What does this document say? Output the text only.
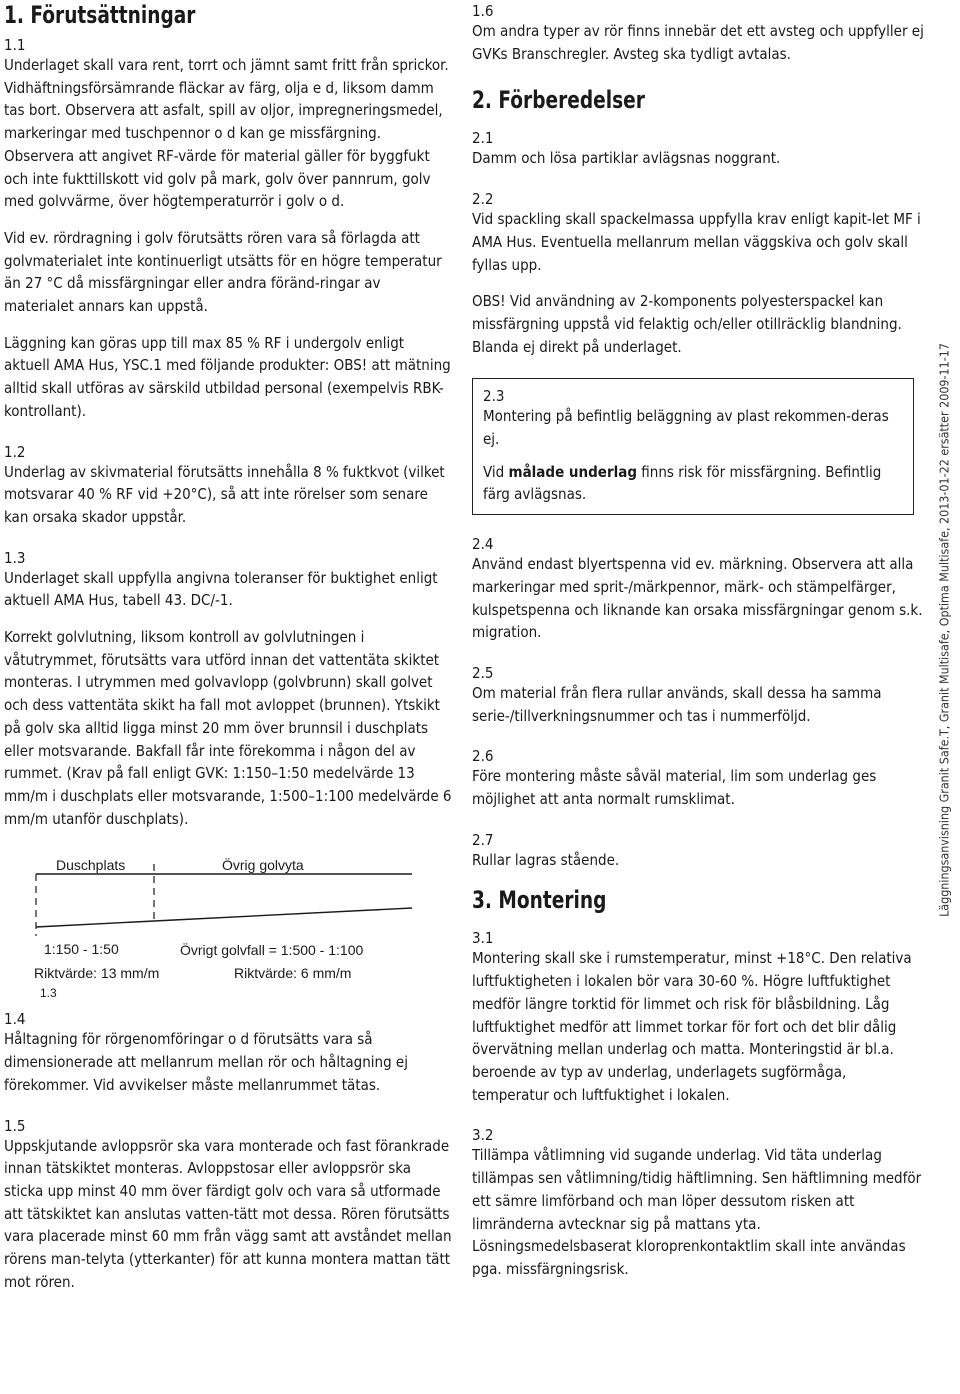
1. Förutsättningar
1.1

Underlaget skall vara rent, torrt och jämnt samt fritt från sprickor. Vidhäftningsförsämrande fläckar av färg, olja e d, liksom damm tas bort. Observera att asfalt, spill av oljor, impregneringsmedel, markeringar med tuschpennor o d kan ge missfärgning. Observera att angivet RF-värde för material gäller för byggfukt och inte fukttillskott vid golv på mark, golv över pannrum, golv med golvvärme, över högtemperaturrör i golv o d.

Vid ev. rördragning i golv förutsätts rören vara så förlagda att golvmaterialet inte kontinuerligt utsätts för en högre temperatur än 27 °C då missfärgningar eller andra föränd-ringar av materialet annars kan uppstå.

Läggning kan göras upp till max 85 % RF i undergolv enligt aktuell AMA Hus, YSC.1 med följande produkter: OBS! att mätning alltid skall utföras av särskild utbildad personal (exempelvis RBK-kontrollant).

1.2

Underlag av skivmaterial förutsätts innehålla 8 % fuktkvot (vilket motsvarar 40 % RF vid +20°C), så att inte rörelser som senare kan orsaka skador uppstår.

1.3

Underlaget skall uppfylla angivna toleranser för buktighet enligt aktuell AMA Hus, tabell 43. DC/-1.

Korrekt golvlutning, liksom kontroll av golvlutningen i våtutrymmet, förutsätts vara utförd innan det vattentäta skiktet monteras. I utrymmen med golvavlopp (golvbrunn) skall golvet och dess vattentäta skikt ha fall mot avloppet (brunnen). Ytskikt på golv ska alltid ligga minst 20 mm över brunnsil i duschplats eller motsvarande. Bakfall får inte förekomma i någon del av rummet. (Krav på fall enligt GVK: 1:150–1:50 medelvärde 13 mm/m i duschplats eller motsvarande, 1:500–1:100 medelvärde 6 mm/m utanför duschplats).

Duschplats	Övrig golvyta
1:150 - 1:50	Övrigt golvfall = 1:500 - 1:100
Riktvärde: 13 mm/m	Riktvärde: 6 mm/m
1.3
1.4

Håltagning för rörgenomföringar o d förutsätts vara så dimensionerade att mellanrum mellan rör och håltagning ej förekommer. Vid avvikelser måste mellanrummet tätas.

1.5

Uppskjutande avloppsrör ska vara monterade och fast förankrade innan tätskiktet monteras. Avloppstosar eller avloppsrör ska sticka upp minst 40 mm över färdigt golv och vara så utformade att tätskiktet kan anslutas vatten-tätt mot dessa. Rören förutsätts vara placerade minst 60 mm från vägg samt att avståndet mellan rörens man-telyta (ytterkanter) för att kunna montera mattan tätt mot rören.

1.6

Om andra typer av rör finns innebär det ett avsteg och uppfyller ej GVKs Branschregler. Avsteg ska tydligt avtalas.

2. Förberedelser
2.1

Damm och lösa partiklar avlägsnas noggrant.

2.2

Vid spackling skall spackelmassa uppfylla krav enligt kapit-let MF i AMA Hus. Eventuella mellanrum mellan väggskiva och golv skall fyllas upp.

OBS! Vid användning av 2-komponents polyesterspackel kan missfärgning uppstå vid felaktig och/eller otillräcklig blandning. Blanda ej direkt på underlaget.

2.3

Montering på befintlig beläggning av plast rekommen-deras ej.

Vid målade underlag finns risk för missfärgning. Befintlig färg avlägsnas.

2.4

Använd endast blyertspenna vid ev. märkning. Observera att alla markeringar med sprit-/märkpennor, märk- och stämpelfärger, kulspetspenna och liknande kan orsaka missfärgningar genom s.k. migration.

2.5

Om material från flera rullar används, skall dessa ha samma serie-/tillverkningsnummer och tas i nummerföljd.

2.6

Före montering måste såväl material, lim som underlag ges möjlighet att anta normalt rumsklimat.

2.7

Rullar lagras stående.

3. Montering
3.1

Montering skall ske i rumstemperatur, minst +18°C. Den relativa luftfuktigheten i lokalen bör vara 30-60 %. Högre luftfuktighet medför längre torktid för limmet och risk för blåsbildning. Låg luftfuktighet medför att limmet torkar för fort och det blir dålig övervätning mellan underlag och matta. Monteringstid är bl.a. beroende av typ av underlag, underlagets sugförmåga, temperatur och luftfuktighet i lokalen.

3.2

Tillämpa våtlimning vid sugande underlag. Vid täta underlag tillämpas sen våtlimning/tidig häftlimning. Sen häftlimning medför ett sämre limförband och man löper dessutom risken att limränderna avtecknar sig på mattans yta. Lösningsmedelsbaserat kloroprenkontaktlim skall inte användas pga. missfärgningsrisk.

Läggningsanvisning Granit Safe.T, Granit Multisafe, Optima Multisafe, 2013-01-22 ersätter 2009-11-17
